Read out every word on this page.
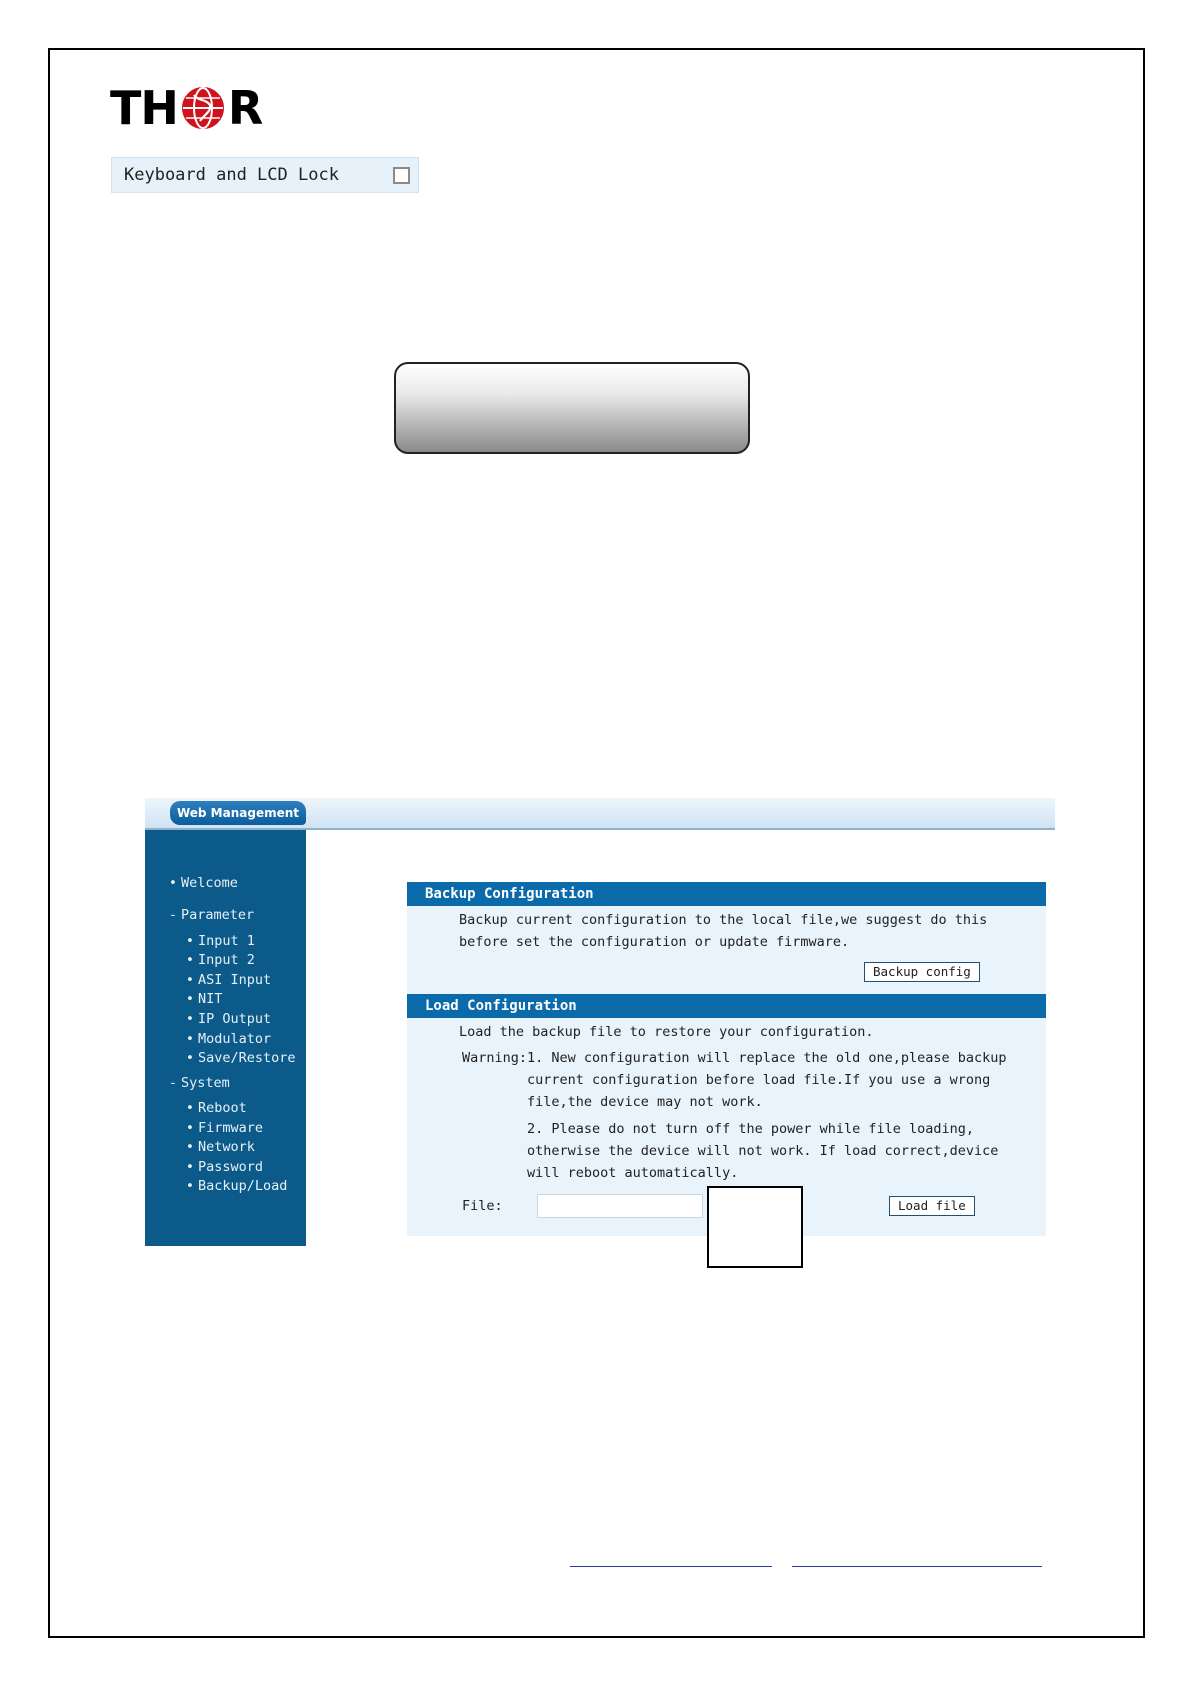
TH R
Keyboard and LCD Lock
Web Management
• Welcome
- Parameter
• Input 1
• Input 2
• ASI Input
• NIT
• IP Output
• Modulator
• Save/Restore
- System
• Reboot
• Firmware
• Network
• Password
• Backup/Load
Backup Configuration
Backup current configuration to the local file,we suggest do this
before set the configuration or update firmware.
Backup config
Load Configuration
Load the backup file to restore your configuration.
Warning: 1. New configuration will replace the old one,please backup
current configuration before load file.If you use a wrong
file,the device may not work.
2. Please do not turn off the power while file loading,
otherwise the device will not work. If load correct,device
will reboot automatically.
File:	Load file
